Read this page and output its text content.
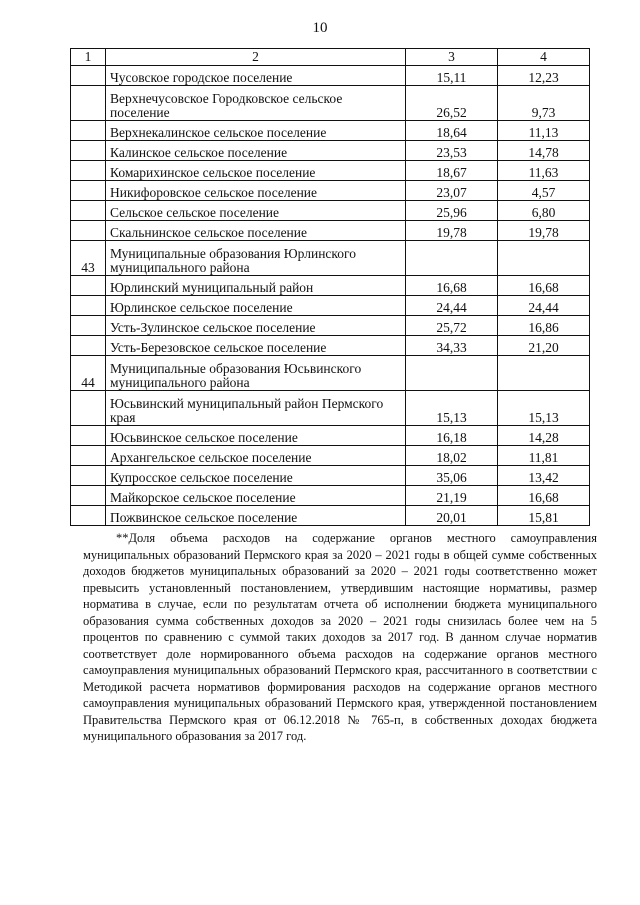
10
1	2	3	4
	Чусовское городское поселение	15,11	12,23
	Верхнечусовское Городковское сельское поселение	26,52	9,73
	Верхнекалинское сельское поселение	18,64	11,13
	Калинское сельское поселение	23,53	14,78
	Комарихинское сельское поселение	18,67	11,63
	Никифоровское сельское поселение	23,07	4,57
	Сельское сельское поселение	25,96	6,80
	Скальнинское сельское поселение	19,78	19,78
43	Муниципальные образования Юрлинского муниципального района		
	Юрлинский муниципальный район	16,68	16,68
	Юрлинское сельское поселение	24,44	24,44
	Усть-Зулинское сельское поселение	25,72	16,86
	Усть-Березовское сельское поселение	34,33	21,20
44	Муниципальные образования Юсьвинского муниципального района		
	Юсьвинский муниципальный район Пермского края	15,13	15,13
	Юсьвинское сельское поселение	16,18	14,28
	Архангельское сельское поселение	18,02	11,81
	Купросское сельское поселение	35,06	13,42
	Майкорское сельское поселение	21,19	16,68
	Пожвинское сельское поселение	20,01	15,81
**Доля объема расходов на содержание органов местного самоуправления муниципальных образований Пермского края за 2020 – 2021 годы в общей сумме собственных доходов бюджетов муниципальных образований за 2020 – 2021 годы соответственно может превысить установленный постановлением, утвердившим настоящие нормативы, размер норматива в случае, если по результатам отчета об исполнении бюджета муниципального образования сумма собственных доходов за 2020 – 2021 годы снизилась более чем на 5 процентов по сравнению с суммой таких доходов за 2017 год. В данном случае норматив соответствует доле нормированного объема расходов на содержание органов местного самоуправления муниципальных образований Пермского края, рассчитанного в соответствии с Методикой расчета нормативов формирования расходов на содержание органов местного самоуправления муниципальных образований Пермского края, утвержденной постановлением Правительства Пермского края от 06.12.2018 № 765-п, в собственных доходах бюджета муниципального образования за 2017 год.
